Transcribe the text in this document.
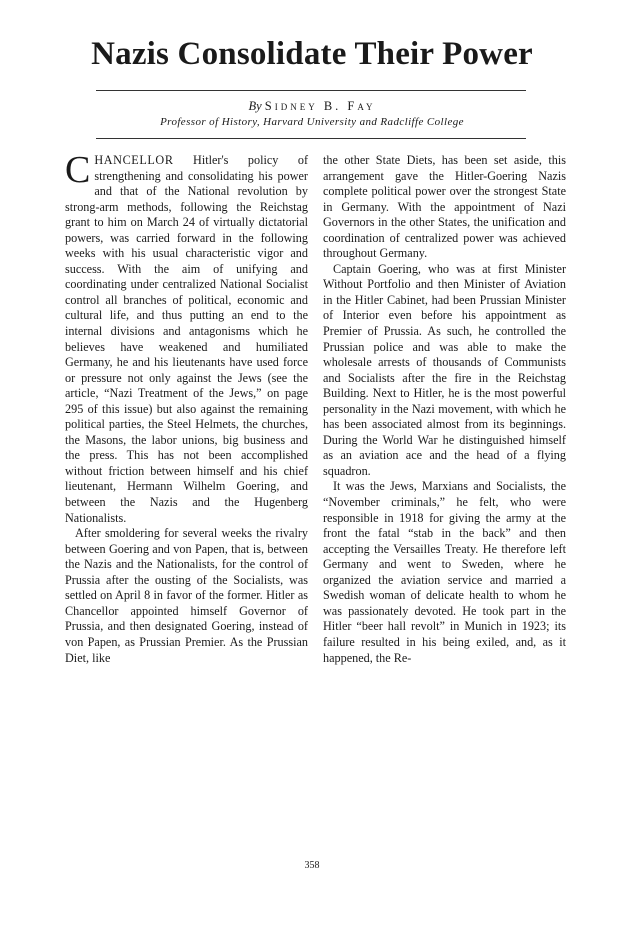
Nazis Consolidate Their Power
By Sidney B. Fay
Professor of History, Harvard University and Radcliffe College

CHANCELLOR Hitler's policy of strengthening and consolidating his power and that of the National revolution by strong-arm methods, following the Reichstag grant to him on March 24 of virtually dictatorial powers, was carried forward in the following weeks with his usual characteristic vigor and success. With the aim of unifying and coordinating under centralized National Socialist control all branches of political, economic and cultural life, and thus putting an end to the internal divisions and antagonisms which he believes have weakened and humiliated Germany, he and his lieutenants have used force or pressure not only against the Jews (see the article, “Nazi Treatment of the Jews,” on page 295 of this issue) but also against the remaining political parties, the Steel Helmets, the churches, the Masons, the labor unions, big business and the press. This has not been accomplished without friction between himself and his chief lieutenant, Hermann Wilhelm Goering, and between the Nazis and the Hugenberg Nationalists.

After smoldering for several weeks the rivalry between Goering and von Papen, that is, between the Nazis and the Nationalists, for the control of Prussia after the ousting of the Socialists, was settled on April 8 in favor of the former. Hitler as Chancellor appointed himself Governor of Prussia, and then designated Goering, instead of von Papen, as Prussian Premier. As the Prussian Diet, like

the other State Diets, has been set aside, this arrangement gave the Hitler-Goering Nazis complete political power over the strongest State in Germany. With the appointment of Nazi Governors in the other States, the unification and coordination of centralized power was achieved throughout Germany.

Captain Goering, who was at first Minister Without Portfolio and then Minister of Aviation in the Hitler Cabinet, had been Prussian Minister of Interior even before his appointment as Premier of Prussia. As such, he controlled the Prussian police and was able to make the wholesale arrests of thousands of Communists and Socialists after the fire in the Reichstag Building. Next to Hitler, he is the most powerful personality in the Nazi movement, with which he has been associated almost from its beginnings. During the World War he distinguished himself as an aviation ace and the head of a flying squadron.

It was the Jews, Marxians and Socialists, the “November criminals,” he felt, who were responsible in 1918 for giving the army at the front the fatal “stab in the back” and then accepting the Versailles Treaty. He therefore left Germany and went to Sweden, where he organized the aviation service and married a Swedish woman of delicate health to whom he was passionately devoted. He took part in the Hitler “beer hall revolt” in Munich in 1923; its failure resulted in his being exiled, and, as it happened, the Re-

358
